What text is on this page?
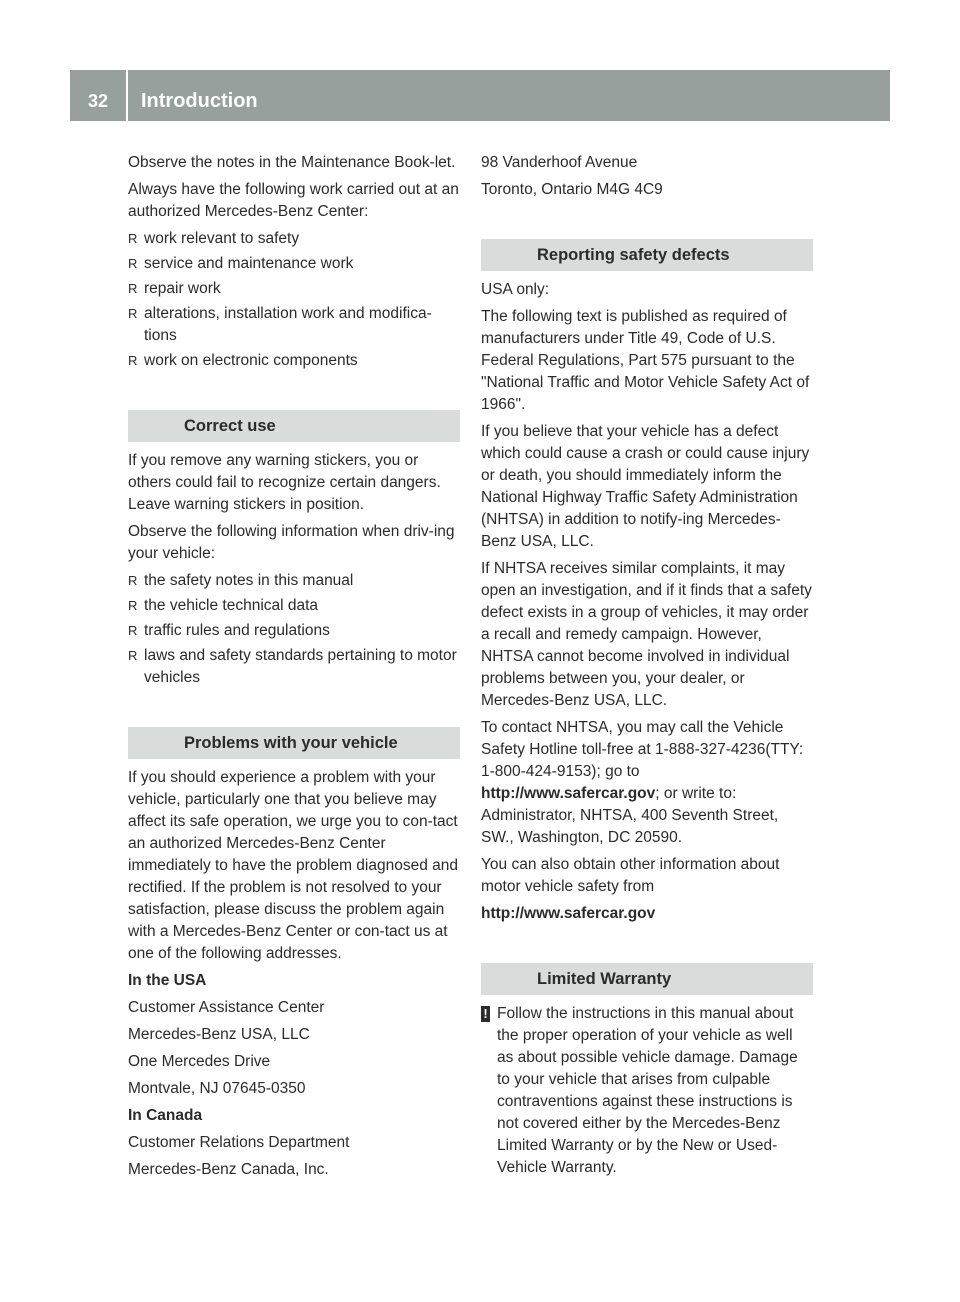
32	Introduction

Observe the notes in the Maintenance Book-let.

Always have the following work carried out at an authorized Mercedes-Benz Center:

R work relevant to safety
R service and maintenance work
R repair work
R alterations, installation work and modifica-tions
R work on electronic components
Correct use

If you remove any warning stickers, you or others could fail to recognize certain dangers. Leave warning stickers in position.

Observe the following information when driv-ing your vehicle:

R the safety notes in this manual
R the vehicle technical data
R traffic rules and regulations
R laws and safety standards pertaining to motor vehicles
Problems with your vehicle

If you should experience a problem with your vehicle, particularly one that you believe may affect its safe operation, we urge you to con-tact an authorized Mercedes-Benz Center immediately to have the problem diagnosed and rectified. If the problem is not resolved to your satisfaction, please discuss the problem again with a Mercedes-Benz Center or con-tact us at one of the following addresses.

In the USA

Customer Assistance Center

Mercedes-Benz USA, LLC

One Mercedes Drive

Montvale, NJ 07645-0350

In Canada

Customer Relations Department

Mercedes-Benz Canada, Inc.

98 Vanderhoof Avenue

Toronto, Ontario M4G 4C9

Reporting safety defects

USA only:

The following text is published as required of manufacturers under Title 49, Code of U.S. Federal Regulations, Part 575 pursuant to the "National Traffic and Motor Vehicle Safety Act of 1966".

If you believe that your vehicle has a defect which could cause a crash or could cause injury or death, you should immediately inform the National Highway Traffic Safety Administration (NHTSA) in addition to notify-ing Mercedes-Benz USA, LLC.

If NHTSA receives similar complaints, it may open an investigation, and if it finds that a safety defect exists in a group of vehicles, it may order a recall and remedy campaign. However, NHTSA cannot become involved in individual problems between you, your dealer, or Mercedes-Benz USA, LLC.

To contact NHTSA, you may call the Vehicle Safety Hotline toll-free at 1-888-327-4236(TTY: 1-800-424-9153); go to http://www.safercar.gov; or write to: Administrator, NHTSA, 400 Seventh Street, SW., Washington, DC 20590.

You can also obtain other information about motor vehicle safety from

http://www.safercar.gov

Limited Warranty
! Follow the instructions in this manual about the proper operation of your vehicle as well as about possible vehicle damage. Damage to your vehicle that arises from culpable contraventions against these instructions is not covered either by the Mercedes-Benz Limited Warranty or by the New or Used-Vehicle Warranty.
